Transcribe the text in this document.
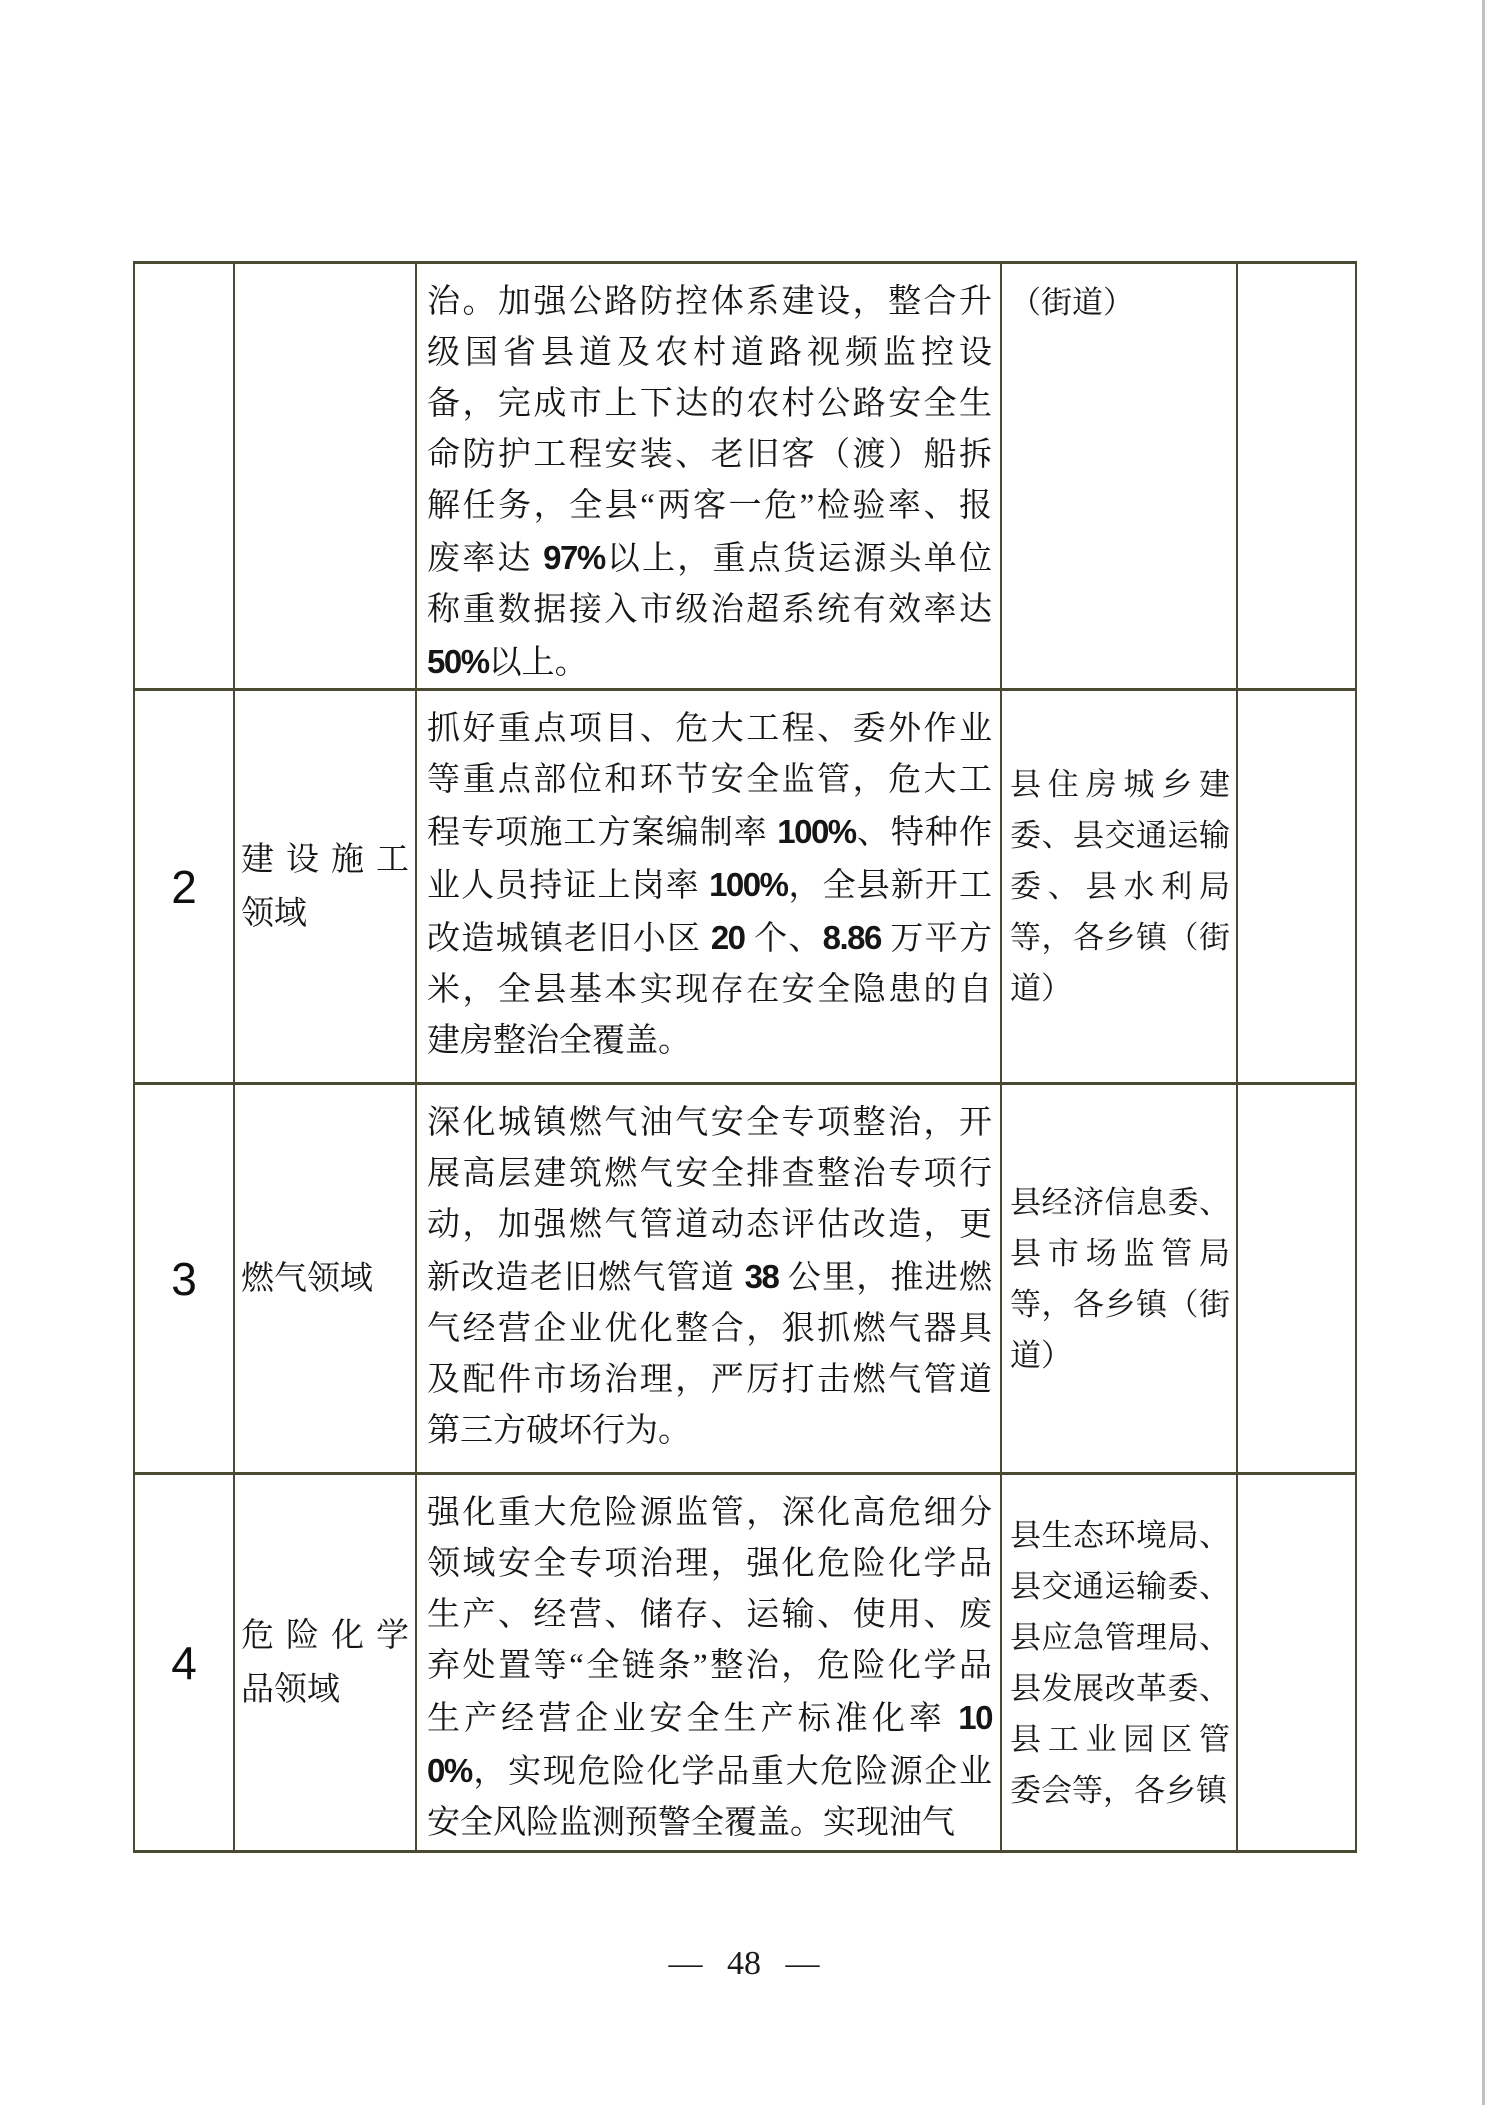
治。加强公路防控体系建设，整合升
级国省县道及农村道路视频监控设
备，完成市上下达的农村公路安全生
命防护工程安装、老旧客（渡）船拆
解任务，全县“两客一危”检验率、报
废率达 97%以上，重点货运源头单位
称重数据接入市级治超系统有效率达
50%以上。
（街道）
2
建设施工
领域
抓好重点项目、危大工程、委外作业
等重点部位和环节安全监管，危大工
程专项施工方案编制率 100%、特种作
业人员持证上岗率 100%，全县新开工
改造城镇老旧小区 20 个、8.86 万平方
米，全县基本实现存在安全隐患的自
建房整治全覆盖。
县住房城乡建
委、县交通运输
委、县水利局
等，各乡镇（街
道）
3 燃气领域
深化城镇燃气油气安全专项整治，开
展高层建筑燃气安全排查整治专项行
动，加强燃气管道动态评估改造，更
新改造老旧燃气管道 38 公里，推进燃
气经营企业优化整合，狠抓燃气器具
及配件市场治理，严厉打击燃气管道
第三方破坏行为。
县经济信息委、
县市场监管局
等，各乡镇（街
道）
4
危险化学
品领域
强化重大危险源监管，深化高危细分
领域安全专项治理，强化危险化学品
生产、经营、储存、运输、使用、废
弃处置等“全链条”整治，危险化学品
生产经营企业安全生产标准化率 10
0%，实现危险化学品重大危险源企业
安全风险监测预警全覆盖。实现油气
县生态环境局、
县交通运输委、
县应急管理局、
县发展改革委、
县工业园区管
委会等，各乡镇
— 48 —
